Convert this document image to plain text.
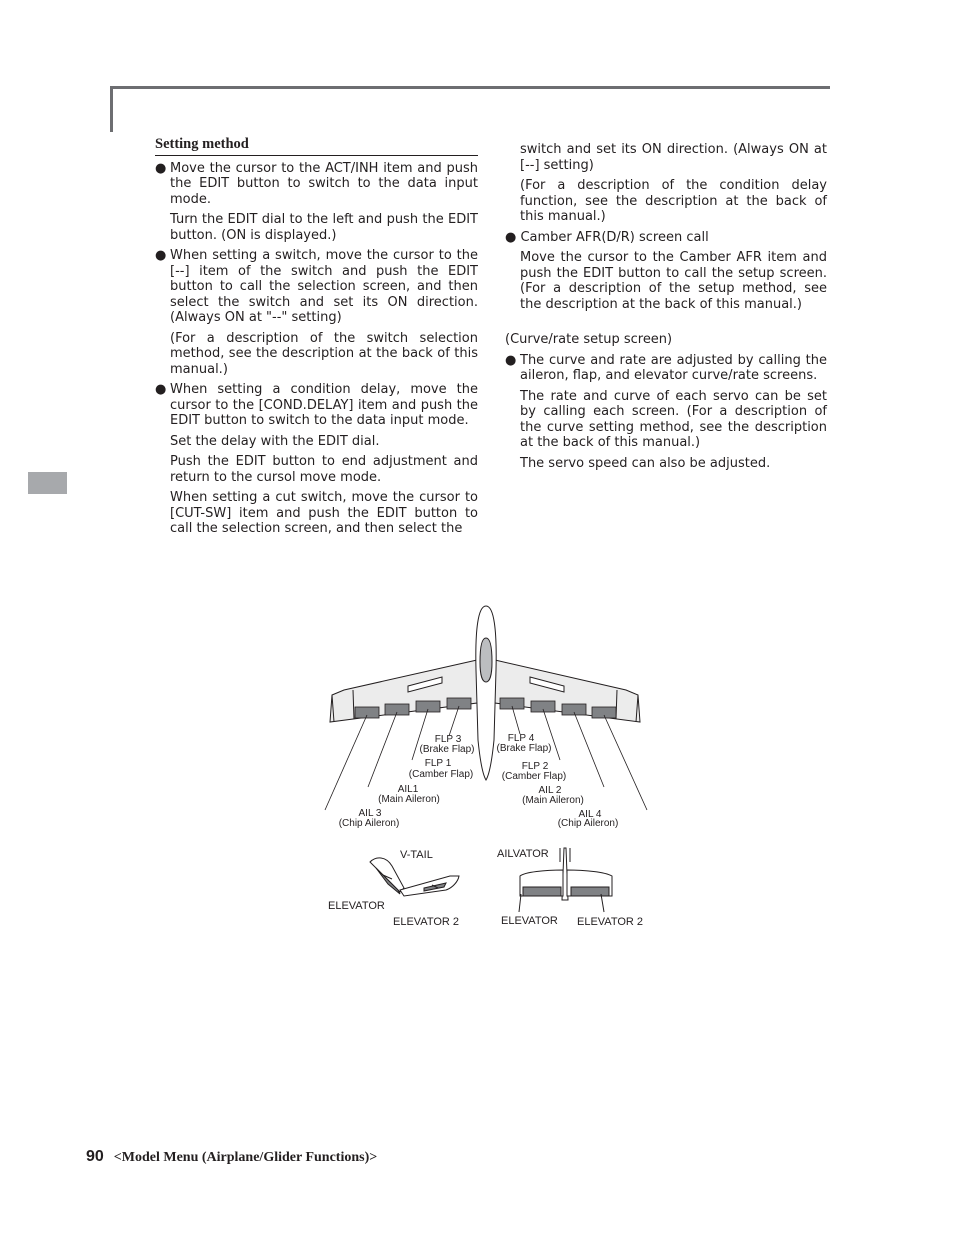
Setting method
● Move the cursor to the ACT/INH item and push the EDIT button to switch to the data input mode.
Turn the EDIT dial to the left and push the EDIT button. (ON is displayed.)
● When setting a switch, move the cursor to the [--] item of the switch and push the EDIT button to call the selection screen, and then select the switch and set its ON direction. (Always ON at "--" setting)
(For a description of the switch selection method, see the description at the back of this manual.)
● When setting a condition delay, move the cursor to the [COND.DELAY] item and push the EDIT button to switch to the data input mode.
Set the delay with the EDIT dial.
Push the EDIT button to end adjustment and return to the cursol move mode.
When setting a cut switch, move the cursor to [CUT-SW] item and push the EDIT button to call the selection screen, and then select the
switch and set its ON direction. (Always ON at [--] setting)
(For a description of the condition delay function, see the description at the back of this manual.)
● Camber AFR(D/R) screen call
Move the cursor to the Camber AFR item and push the EDIT button to call the setup screen. (For a description of the setup method, see the description at the back of this manual.)
(Curve/rate setup screen)
● The curve and rate are adjusted by calling the aileron, flap, and elevator curve/rate screens.
The rate and curve of each servo can be set by calling each screen. (For a description of the curve setting method, see the description at the back of this manual.)
The servo speed can also be adjusted.
FLP 3
(Brake Flap)
FLP 1
(Camber Flap)
AIL1
(Main Aileron)
AIL 3
(Chip Aileron)
FLP 4
(Brake Flap)
FLP 2
(Camber Flap)
AIL 2
(Main Aileron)
AIL 4
(Chip Aileron)
V-TAIL
ELEVATOR
ELEVATOR 2
AILVATOR
ELEVATOR ELEVATOR 2
90 <Model Menu (Airplane/Glider Functions)>
